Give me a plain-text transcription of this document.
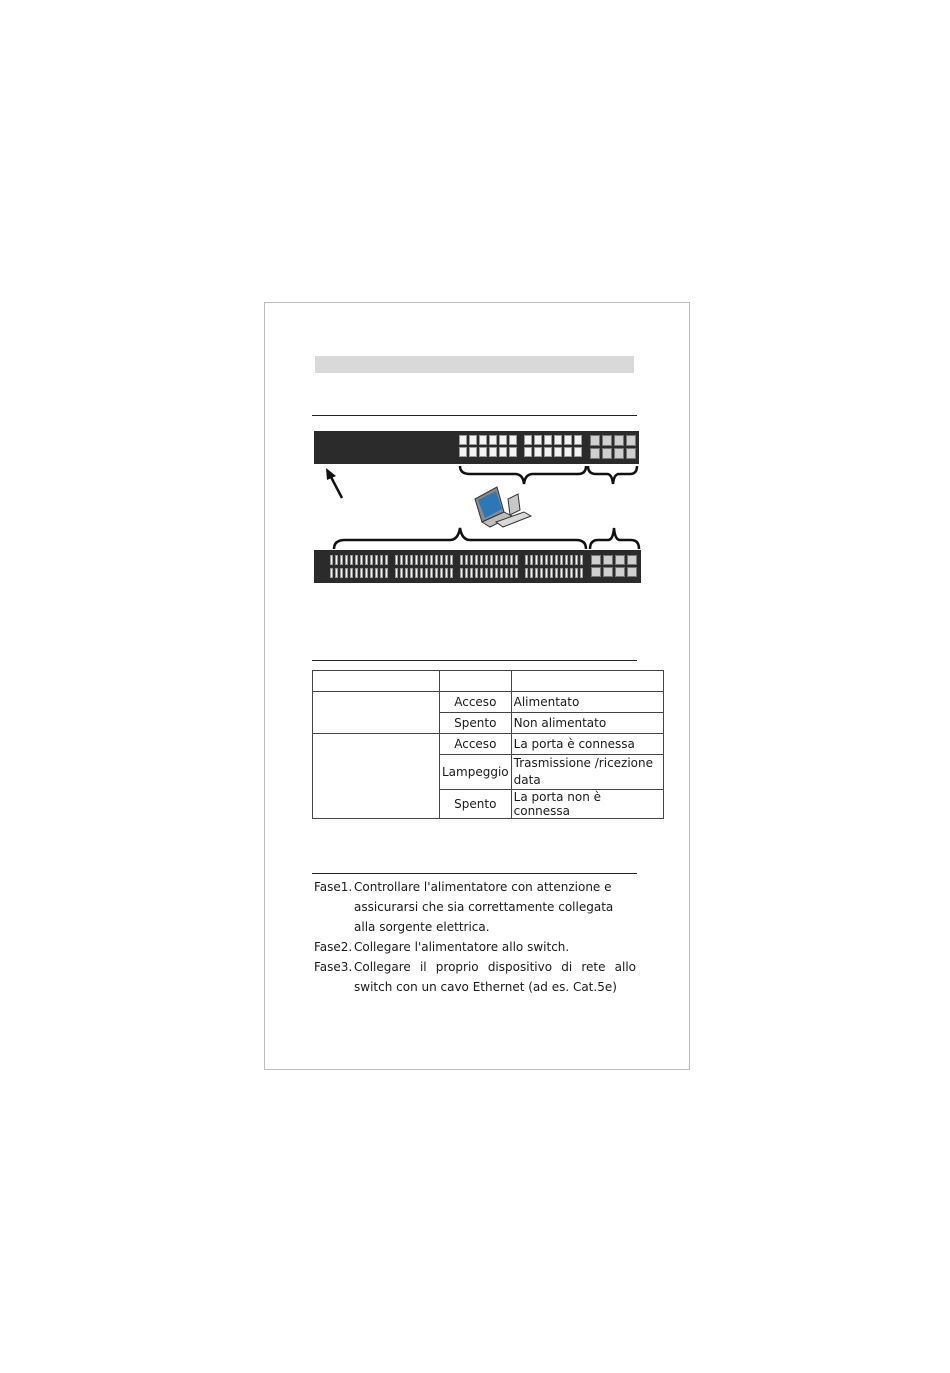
	Acceso	Alimentato
	Spento	Non alimentato
	Acceso	La porta è connessa
	Lampeggio	Trasmissione /ricezione data
	Spento	La porta non è connessa
Fase1. Controllare l'alimentatore con attenzione e assicurarsi che sia correttamente collegata alla sorgente elettrica.
Fase2. Collegare l'alimentatore allo switch.
Fase3. Collegare il proprio dispositivo di rete allo switch con un cavo Ethernet (ad es. Cat.5e)
